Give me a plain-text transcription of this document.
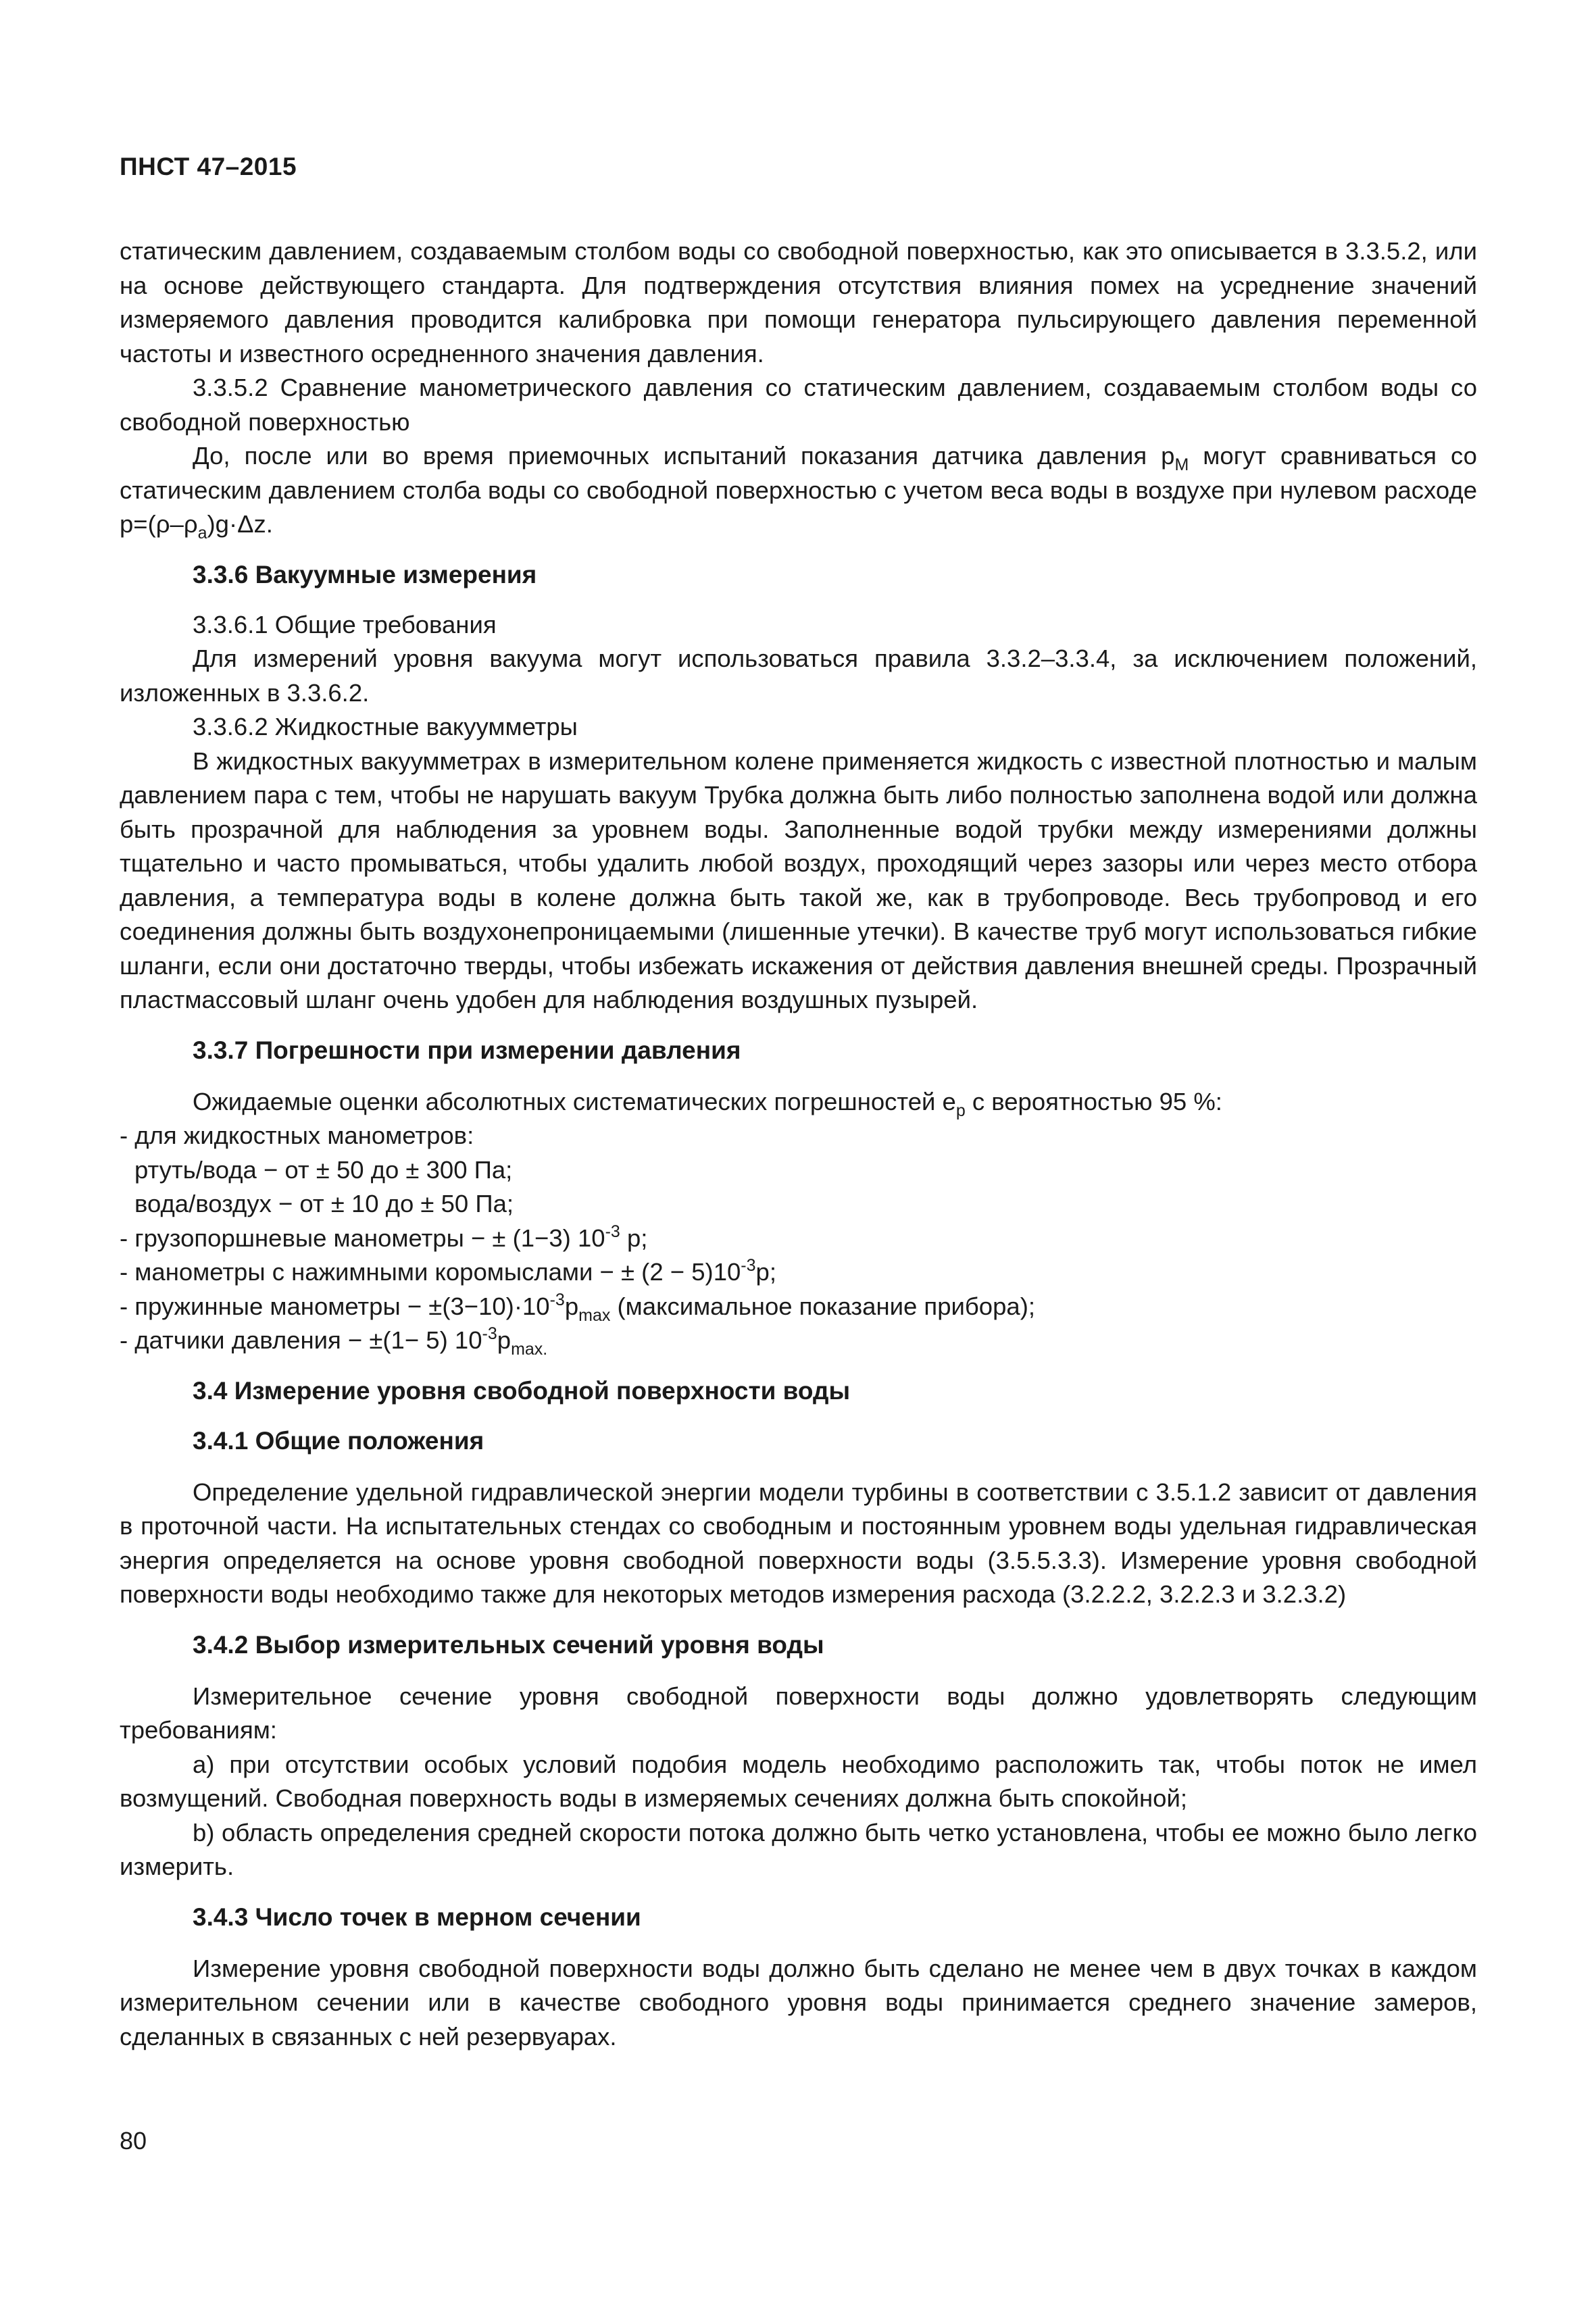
ПНСТ 47–2015

статическим давлением, создаваемым столбом воды со свободной поверхностью, как это описывается в 3.3.5.2, или на основе действующего стандарта. Для подтверждения отсутствия влияния помех на усреднение значений измеряемого давления проводится калибровка при помощи генератора пульсирующего давления переменной частоты и известного осредненного значения давления.

3.3.5.2 Сравнение манометрического давления со статическим давлением, создаваемым столбом воды со свободной поверхностью

До, после или во время приемочных испытаний показания датчика давления $p_M$ могут сравниваться со статическим давлением столба воды со свободной поверхностью с учетом веса воды в воздухе при нулевом расходе $p=(\rho-\rho_a)g\cdot\Delta z$.

3.3.6 Вакуумные измерения

3.3.6.1 Общие требования

Для измерений уровня вакуума могут использоваться правила 3.3.2–3.3.4, за исключением положений, изложенных в 3.3.6.2.

3.3.6.2 Жидкостные вакуумметры

В жидкостных вакуумметрах в измерительном колене применяется жидкость с известной плотностью и малым давлением пара с тем, чтобы не нарушать вакуум Трубка должна быть либо полностью заполнена водой или должна быть прозрачной для наблюдения за уровнем воды. Заполненные водой трубки между измерениями должны тщательно и часто промываться, чтобы удалить любой воздух, проходящий через зазоры или через место отбора давления, а температура воды в колене должна быть такой же, как в трубопроводе. Весь трубопровод и его соединения должны быть воздухонепроницаемыми (лишенные утечки). В качестве труб могут использоваться гибкие шланги, если они достаточно тверды, чтобы избежать искажения от действия давления внешней среды. Прозрачный пластмассовый шланг очень удобен для наблюдения воздушных пузырей.

3.3.7 Погрешности при измерении давления

Ожидаемые оценки абсолютных систематических погрешностей $e_p$ с вероятностью 95 %:

- для жидкостных манометров:
ртуть/вода − от ± 50 до ± 300 Па;
вода/воздух − от ± 10 до ± 50 Па;
- грузопоршневые манометры − ± (1−3) $10^{-3}$ p;
- манометры с нажимными коромыслами − ± $(2 - 5)10^{-3}p$;
- пружинные манометры − $\pm(3-10)\cdot 10^{-3}p_{max}$ (максимальное показание прибора);
- датчики давления − ±(1− 5) $10^{-3}p_{max.}$
3.4 Измерение уровня свободной поверхности воды
3.4.1 Общие положения

Определение удельной гидравлической энергии модели турбины в соответствии с 3.5.1.2 зависит от давления в проточной части. На испытательных стендах со свободным и постоянным уровнем воды удельная гидравлическая энергия определяется на основе уровня свободной поверхности воды (3.5.5.3.3). Измерение уровня свободной поверхности воды необходимо также для некоторых методов измерения расхода (3.2.2.2, 3.2.2.3 и 3.2.3.2)

3.4.2 Выбор измерительных сечений уровня воды

Измерительное сечение уровня свободной поверхности воды должно удовлетворять следующим требованиям:

a) при отсутствии особых условий подобия модель необходимо расположить так, чтобы поток не имел возмущений. Свободная поверхность воды в измеряемых сечениях должна быть спокойной;

b) область определения средней скорости потока должно быть четко установлена, чтобы ее можно было легко измерить.

3.4.3 Число точек в мерном сечении

Измерение уровня свободной поверхности воды должно быть сделано не менее чем в двух точках в каждом измерительном сечении или в качестве свободного уровня воды принимается среднего значение замеров, сделанных в связанных с ней резервуарах.

80
